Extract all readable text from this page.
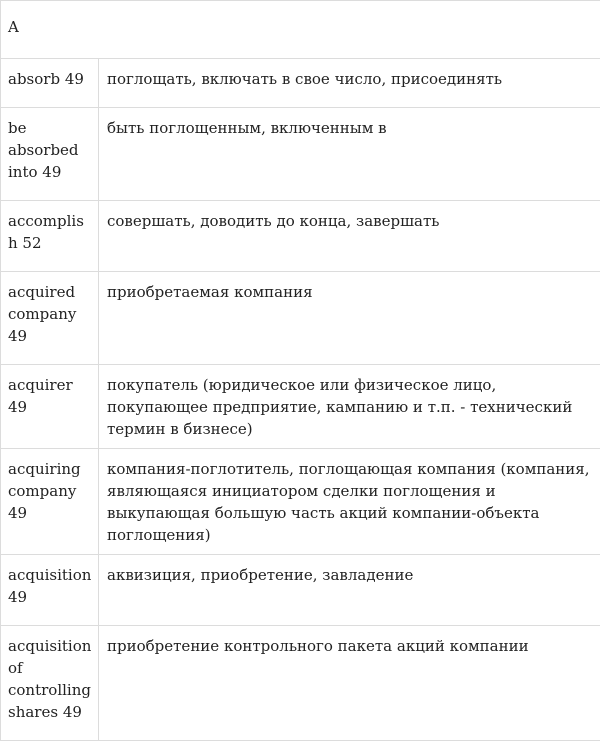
A	
absorb 49	поглощать, включать в свое число, присоединять
be absorbed into 49	быть поглощенным, включенным в
accomplish 52	совершать, доводить до конца, завершать
acquired company 49	приобретаемая компания
acquirer 49	покупатель (юридическое или физическое лицо, покупающее предприятие, кампанию и т.п. - технический термин в бизнесе)
acquiring company 49	компания-поглотитель, поглощающая компания (компания, являющаяся инициатором сделки поглощения и выкупающая большую часть акций компании-объекта поглощения)
acquisition 49	аквизиция, приобретение, завладение
acquisition of controlling shares 49	приобретение контрольного пакета акций компании
